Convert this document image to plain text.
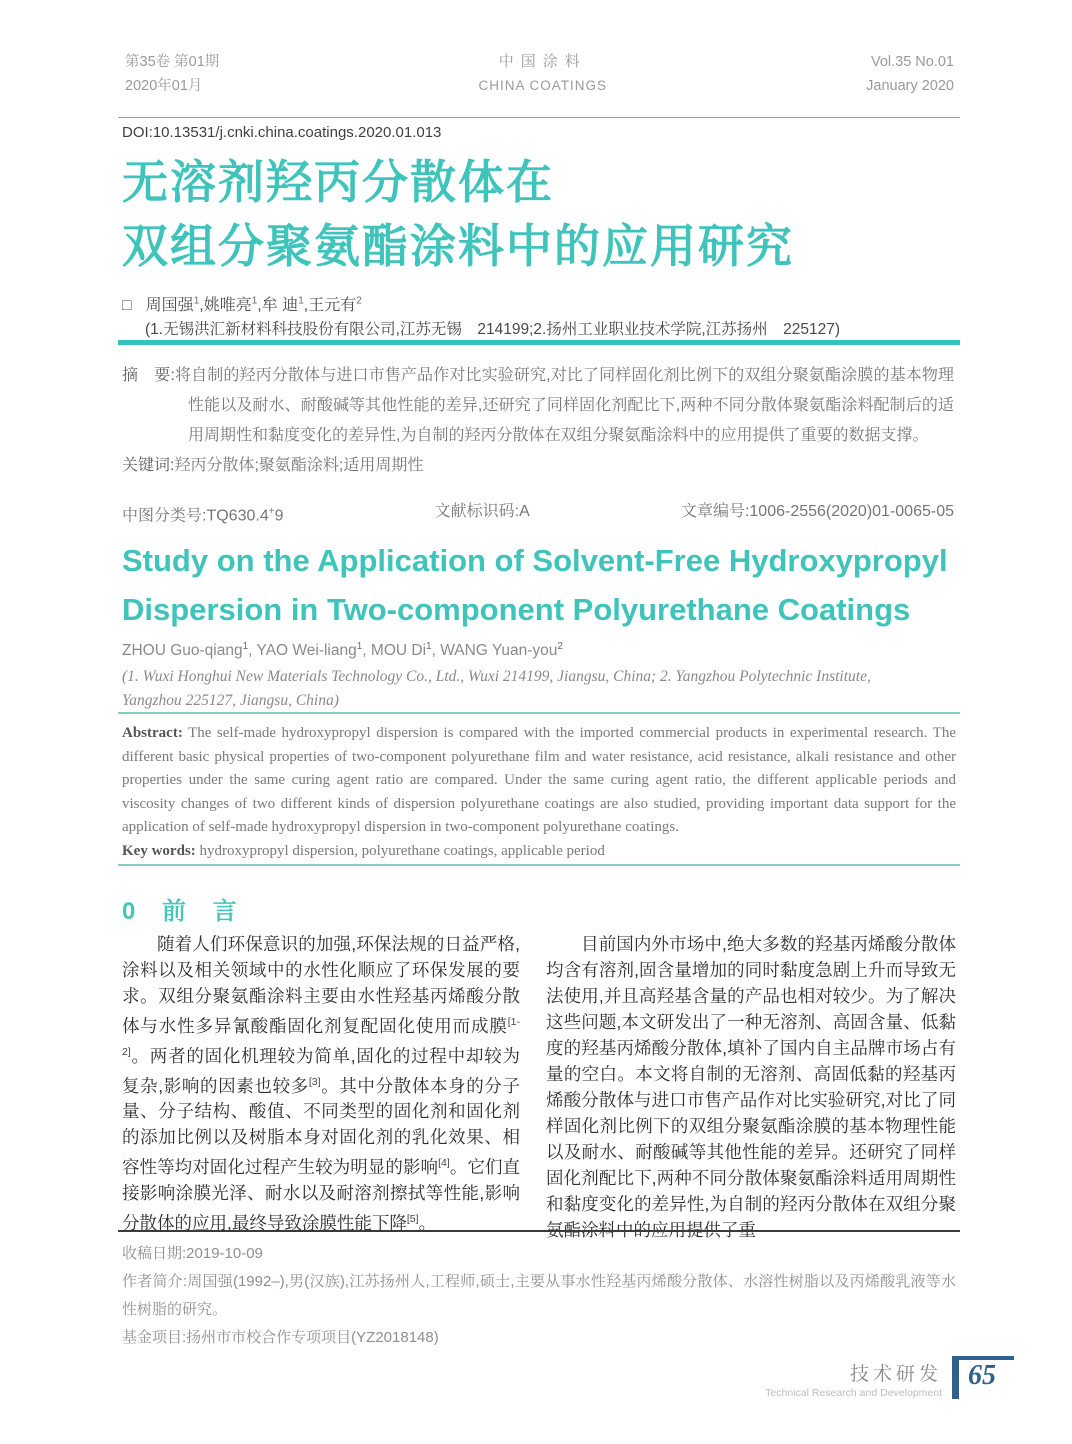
第35卷 第01期
2020年01月
中国涂料
CHINA COATINGS
Vol.35 No.01
January 2020
DOI:10.13531/j.cnki.china.coatings.2020.01.013
无溶剂羟丙分散体在
双组分聚氨酯涂料中的应用研究
□ 周国强$^1$,姚唯亮$^1$,牟 迪$^1$,王元有$^2$
(1.无锡洪汇新材料科技股份有限公司,江苏无锡　214199;2.扬州工业职业技术学院,江苏扬州　225127)

摘　要:将自制的羟丙分散体与进口市售产品作对比实验研究,对比了同样固化剂比例下的双组分聚氨酯涂膜的基本物理性能以及耐水、耐酸碱等其他性能的差异,还研究了同样固化剂配比下,两种不同分散体聚氨酯涂料配制后的适用周期性和黏度变化的差异性,为自制的羟丙分散体在双组分聚氨酯涂料中的应用提供了重要的数据支撑。

关键词:羟丙分散体;聚氨酯涂料;适用周期性

中图分类号:TQ630.4+9	文献标识码:A	文章编号:1006-2556(2020)01-0065-05
Study on the Application of Solvent-Free Hydroxypropyl
Dispersion in Two-component Polyurethane Coatings
ZHOU Guo-qiang$^1$, YAO Wei-liang$^1$, MOU Di$^1$, WANG Yuan-you$^2$
(1. Wuxi Honghui New Materials Technology Co., Ltd., Wuxi 214199, Jiangsu, China; 2. Yangzhou Polytechnic Institute,
Yangzhou 225127, Jiangsu, China)
Abstract: The self-made hydroxypropyl dispersion is compared with the imported commercial products in experimental research. The different basic physical properties of two-component polyurethane film and water resistance, acid resistance, alkali resistance and other properties under the same curing agent ratio are compared. Under the same curing agent ratio, the different applicable periods and viscosity changes of two different kinds of dispersion polyurethane coatings are also studied, providing important data support for the application of self-made hydroxypropyl dispersion in two-component polyurethane coatings.
Key words: hydroxypropyl dispersion, polyurethane coatings, applicable period
0 前 言

随着人们环保意识的加强,环保法规的日益严格,涂料以及相关领域中的水性化顺应了环保发展的要求。双组分聚氨酯涂料主要由水性羟基丙烯酸分散体与水性多异氰酸酯固化剂复配固化使用而成膜[1-2]。两者的固化机理较为简单,固化的过程中却较为复杂,影响的因素也较多[3]。其中分散体本身的分子量、分子结构、酸值、不同类型的固化剂和固化剂的添加比例以及树脂本身对固化剂的乳化效果、相容性等均对固化过程产生较为明显的影响[4]。它们直接影响涂膜光泽、耐水以及耐溶剂擦拭等性能,影响分散体的应用,最终导致涂膜性能下降[5]。

目前国内外市场中,绝大多数的羟基丙烯酸分散体均含有溶剂,固含量增加的同时黏度急剧上升而导致无法使用,并且高羟基含量的产品也相对较少。为了解决这些问题,本文研发出了一种无溶剂、高固含量、低黏度的羟基丙烯酸分散体,填补了国内自主品牌市场占有量的空白。本文将自制的无溶剂、高固低黏的羟基丙烯酸分散体与进口市售产品作对比实验研究,对比了同样固化剂比例下的双组分聚氨酯涂膜的基本物理性能以及耐水、耐酸碱等其他性能的差异。还研究了同样固化剂配比下,两种不同分散体聚氨酯涂料适用周期性和黏度变化的差异性,为自制的羟丙分散体在双组分聚氨酯涂料中的应用提供了重

收稿日期:2019-10-09

作者简介:周国强(1992–),男(汉族),江苏扬州人,工程师,硕士,主要从事水性羟基丙烯酸分散体、水溶性树脂以及丙烯酸乳液等水性树脂的研究。

基金项目:扬州市市校合作专项项目(YZ2018148)

技术研发
Technical Research and Development
65
